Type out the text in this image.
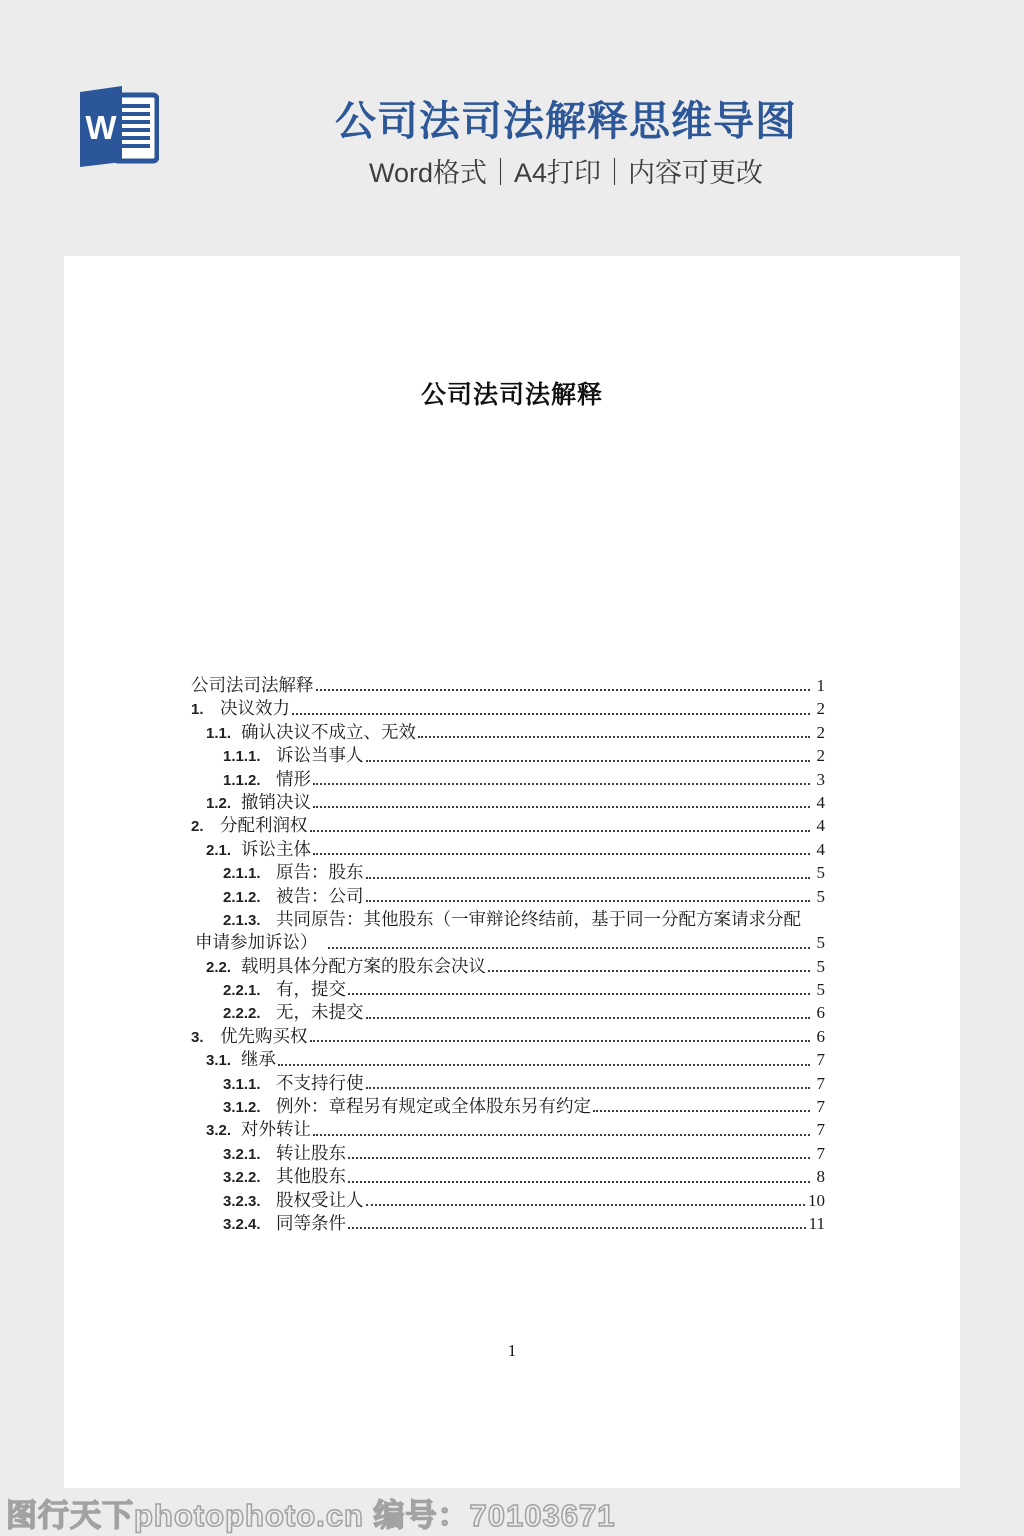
W	公司法司法解释思维导图
Word格式｜A4打印｜内容可更改
公司法司法解释
公司法司法解释	1
1. 决议效力	2
1.1. 确认决议不成立、无效	2
1.1.1. 诉讼当事人	2
1.1.2. 情形	3
1.2. 撤销决议	4
2. 分配利润权	4
2.1. 诉讼主体	4
2.1.1. 原告：股东	5
2.1.2. 被告：公司	5
2.1.3. 共同原告：其他股东（一审辩论终结前，基于同一分配方案请求分配
申请参加诉讼）	5
2.2. 载明具体分配方案的股东会决议	5
2.2.1. 有，提交	5
2.2.2. 无，未提交	6
3. 优先购买权	6
3.1. 继承	7
3.1.1. 不支持行使	7
3.1.2. 例外：章程另有规定或全体股东另有约定	7
3.2. 对外转让	7
3.2.1. 转让股东	7
3.2.2. 其他股东	8
3.2.3. 股权受让人	10
3.2.4. 同等条件	11
1
图行天下photophoto.cn 编号：70103671
